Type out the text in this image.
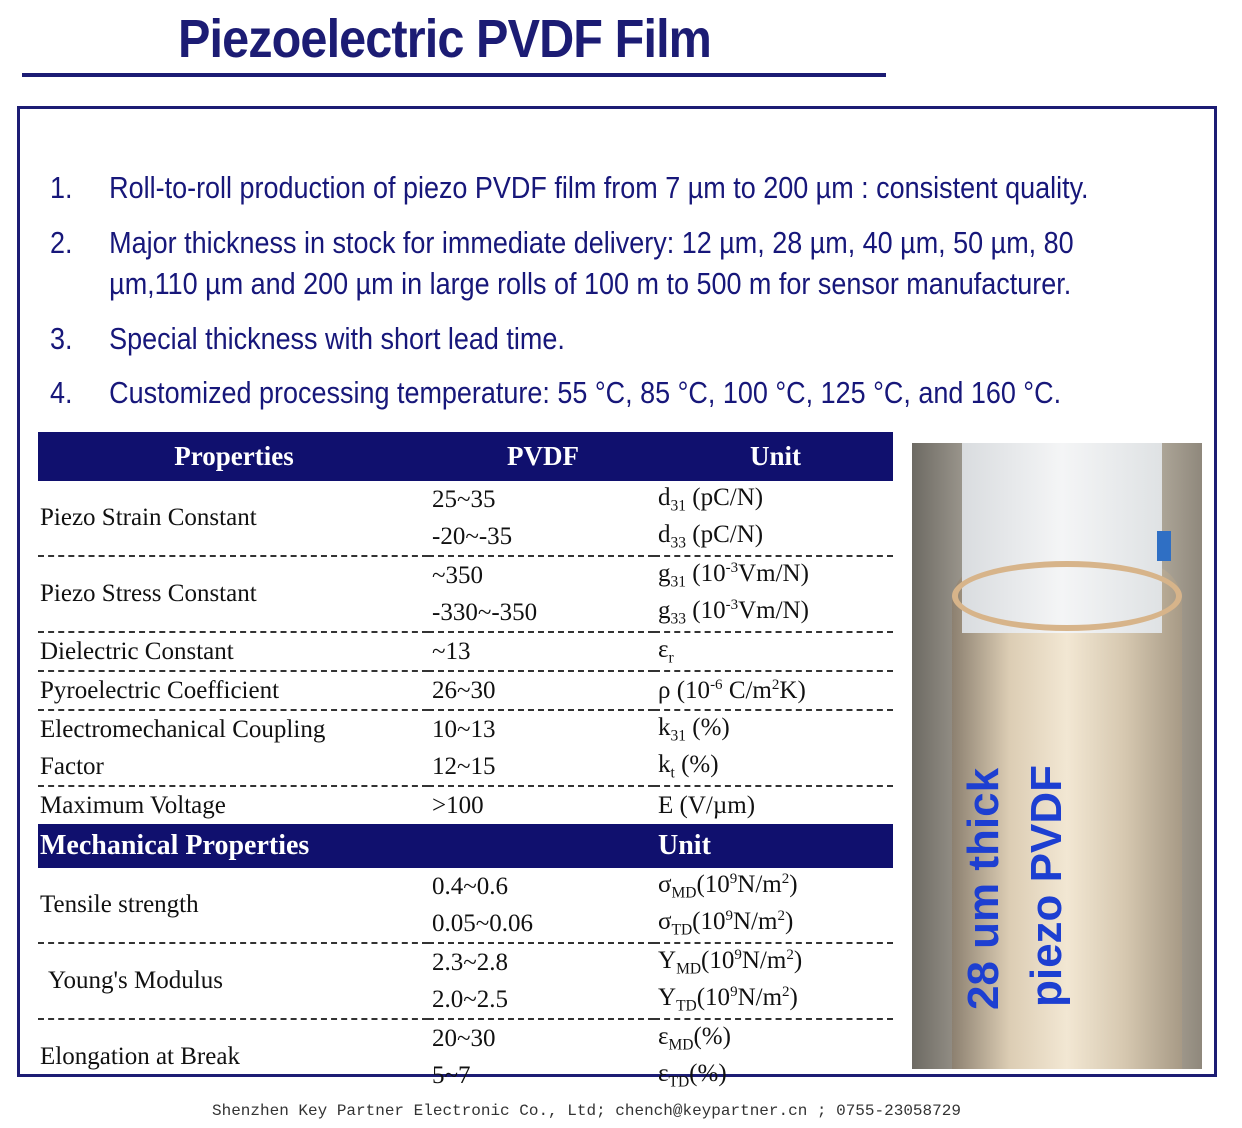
Piezoelectric PVDF Film
1. Roll-to-roll production of piezo PVDF film from 7 µm to 200 µm : consistent quality.
2. Major thickness in stock for immediate delivery: 12 µm, 28 µm, 40 µm, 50 µm, 80
µm,110 µm and 200 µm in large rolls of 100 m to 500 m for sensor manufacturer.
3. Special thickness with short lead time.
4. Customized processing temperature: 55 °C, 85 °C, 100 °C, 125 °C, and 160 °C.
Properties	PVDF	Unit
Piezo Strain Constant	25~35	$d_{31}$ (pC/N)
	-20~-35	$d_{33}$ (pC/N)
Piezo Stress Constant	~350	$g_{31}$ $(10^{-3}Vm/N)$
	-330~-350	$g_{33}$ $(10^{-3}Vm/N)$
Dielectric Constant	~13	$\varepsilon_r$
Pyroelectric Coefficient	26~30	ρ ($10^{-6}$ $C/m^2K$)
Electromechanical Coupling	10~13	$k_{31}$ (%)
Factor	12~15	$k_t$ (%)
Maximum Voltage	>100	E (V/µm)
Mechanical Properties		Unit
Tensile strength	0.4~0.6	$\sigma_{MD}(10^9N/m^2)$
	0.05~0.06	$\sigma_{TD}(10^9N/m^2)$
Young's Modulus	2.3~2.8	$Y_{MD}(10^9N/m^2)$
	2.0~2.5	$Y_{TD}(10^9N/m^2)$
Elongation at Break	20~30	$\varepsilon_{MD}(\%)$
	5~7	$\varepsilon_{TD}(\%)$
28 um thick piezo PVDF
Shenzhen Key Partner Electronic Co., Ltd; chench@keypartner.cn ; 0755-23058729
